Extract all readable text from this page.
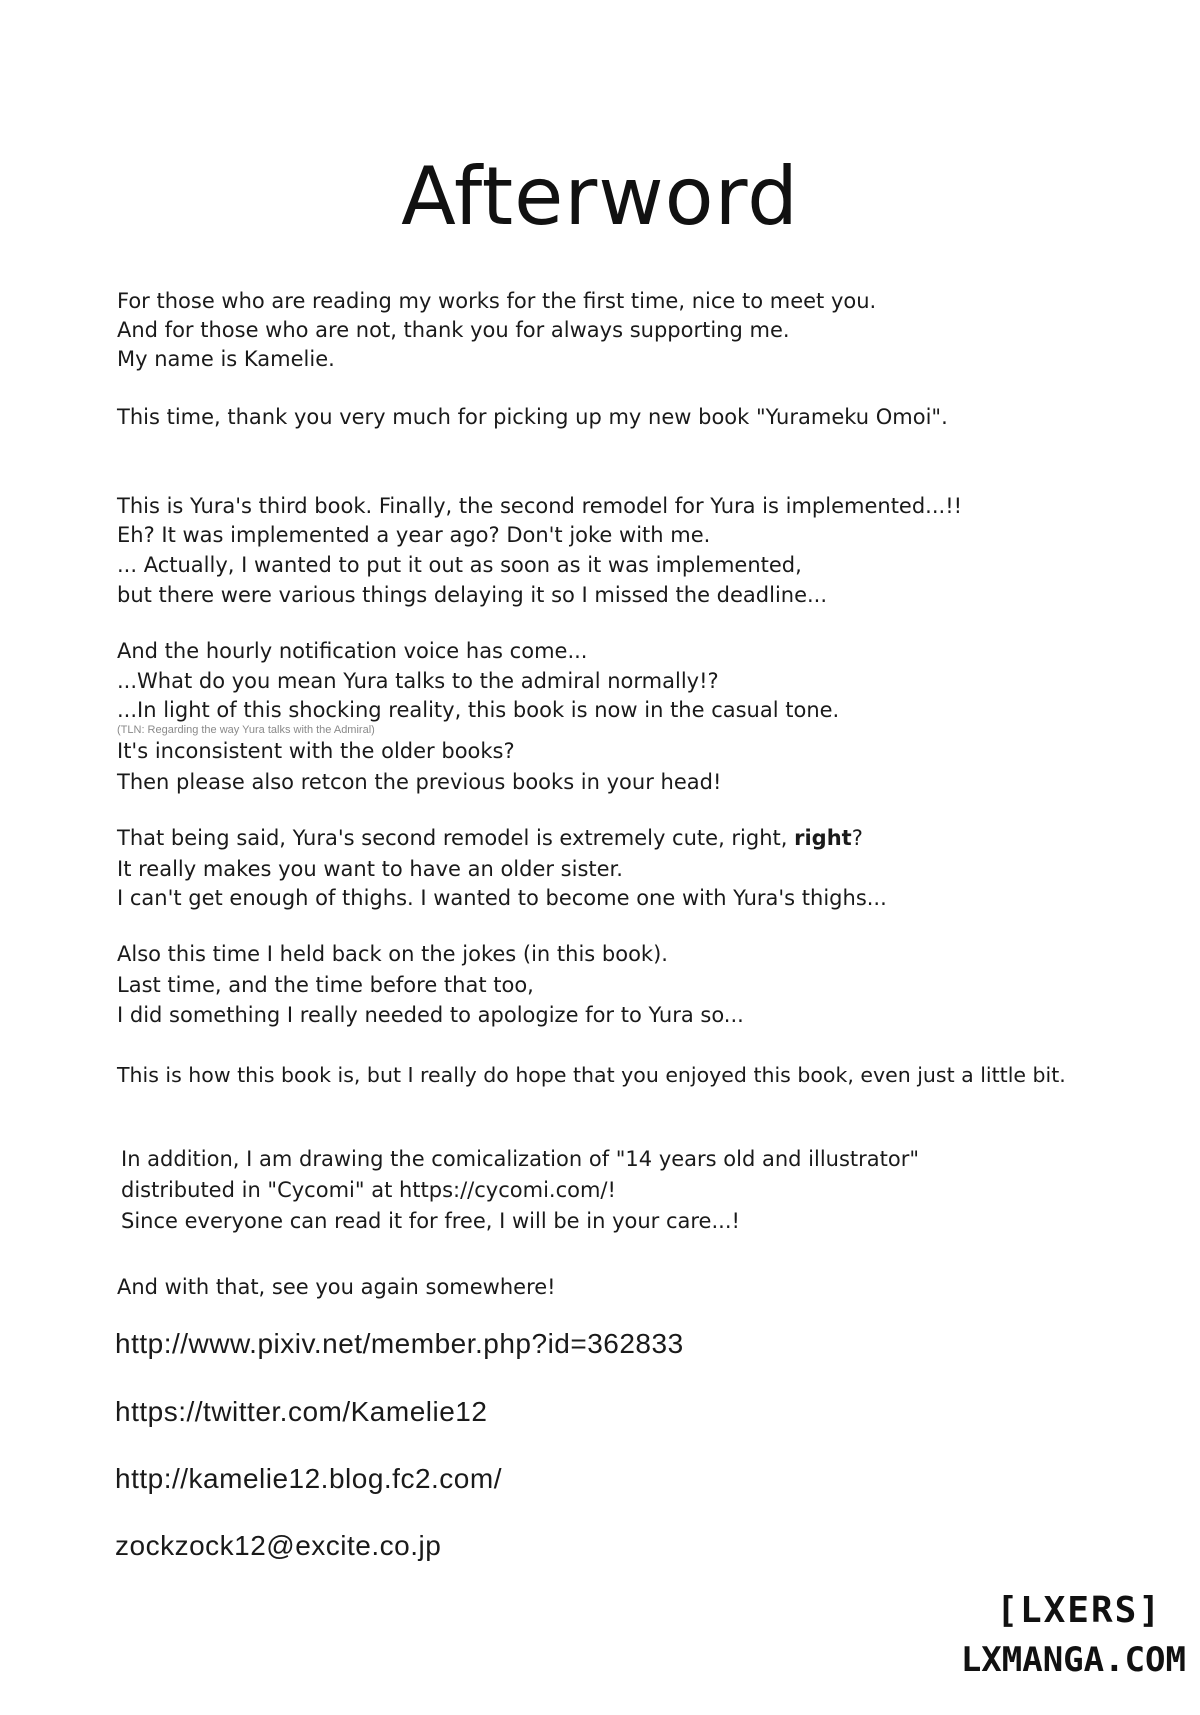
Afterword
For those who are reading my works for the first time, nice to meet you.
And for those who are not, thank you for always supporting me.
My name is Kamelie.
This time, thank you very much for picking up my new book "Yurameku Omoi".
This is Yura's third book. Finally, the second remodel for Yura is implemented...!!
Eh? It was implemented a year ago? Don't joke with me.
... Actually, I wanted to put it out as soon as it was implemented,
but there were various things delaying it so I missed the deadline...
And the hourly notification voice has come...
...What do you mean Yura talks to the admiral normally!?
...In light of this shocking reality, this book is now in the casual tone.
(TLN: Regarding the way Yura talks with the Admiral)
It's inconsistent with the older books?
Then please also retcon the previous books in your head!
That being said, Yura's second remodel is extremely cute, right, right?
It really makes you want to have an older sister.
I can't get enough of thighs. I wanted to become one with Yura's thighs...
Also this time I held back on the jokes (in this book).
Last time, and the time before that too,
I did something I really needed to apologize for to Yura so...
This is how this book is, but I really do hope that you enjoyed this book, even just a little bit.
In addition, I am drawing the comicalization of "14 years old and illustrator"
distributed in "Cycomi" at https://cycomi.com/!
Since everyone can read it for free, I will be in your care...!
And with that, see you again somewhere!
http://www.pixiv.net/member.php?id=362833
https://twitter.com/Kamelie12
http://kamelie12.blog.fc2.com/
zockzock12@excite.co.jp
[LXERS]
LXMANGA.COM
